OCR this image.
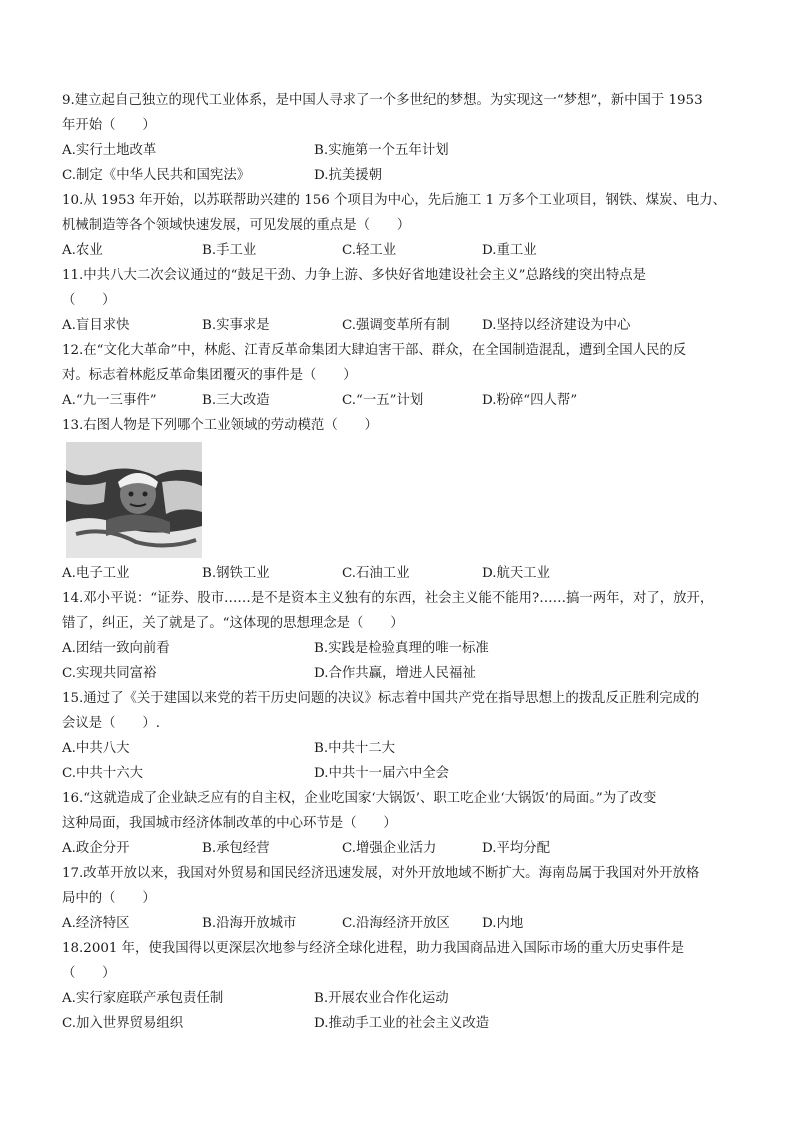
9.建立起自己独立的现代工业体系，是中国人寻求了一个多世纪的梦想。为实现这一“梦想”，新中国于 1953
年开始（　　）
A.实行土地改革	B.实施第一个五年计划
C.制定《中华人民共和国宪法》	D.抗美援朝
10.从 1953 年开始，以苏联帮助兴建的 156 个项目为中心，先后施工 1 万多个工业项目，钢铁、煤炭、电力、
机械制造等各个领域快速发展，可见发展的重点是（　　）
A.农业	B.手工业	C.轻工业	D.重工业
11.中共八大二次会议通过的“鼓足干劲、力争上游、多快好省地建设社会主义”总路线的突出特点是
（　　）
A.盲目求快	B.实事求是	C.强调变革所有制 D.坚持以经济建设为中心
12.在“文化大革命”中，林彪、江青反革命集团大肆迫害干部、群众，在全国制造混乱，遭到全国人民的反
对。标志着林彪反革命集团覆灭的事件是（　　）
A.“九一三事件”	B.三大改造	C.“一五”计划	D.粉碎“四人帮”
13.右图人物是下列哪个工业领域的劳动模范（　　）
A.电子工业	B.钢铁工业	C.石油工业	D.航天工业
14.邓小平说：“证券、股市……是不是资本主义独有的东西，社会主义能不能用?……搞一两年，对了，放开，
错了，纠正，关了就是了。“这体现的思想理念是（　　）
A.团结一致向前看	B.实践是检验真理的唯一标准
C.实现共同富裕	D.合作共赢，增进人民福祉
15.通过了《关于建国以来党的若干历史问题的决议》标志着中国共产党在指导思想上的拨乱反正胜利完成的
会议是（　　）.
A.中共八大	B.中共十二大
C.中共十六大	D.中共十一届六中全会
16.“这就造成了企业缺乏应有的自主权，企业吃国家‘大锅饭’、职工吃企业‘大锅饭’的局面。”为了改变
这种局面，我国城市经济体制改革的中心环节是（　　）
A.政企分开	B.承包经营	C.增强企业活力	D.平均分配
17.改革开放以来，我国对外贸易和国民经济迅速发展，对外开放地域不断扩大。海南岛属于我国对外开放格
局中的（　　）
A.经济特区	B.沿海开放城市	C.沿海经济开放区 D.内地
18.2001 年，使我国得以更深层次地参与经济全球化进程，助力我国商品进入国际市场的重大历史事件是
（　　）
A.实行家庭联产承包责任制	B.开展农业合作化运动
C.加入世界贸易组织	D.推动手工业的社会主义改造
